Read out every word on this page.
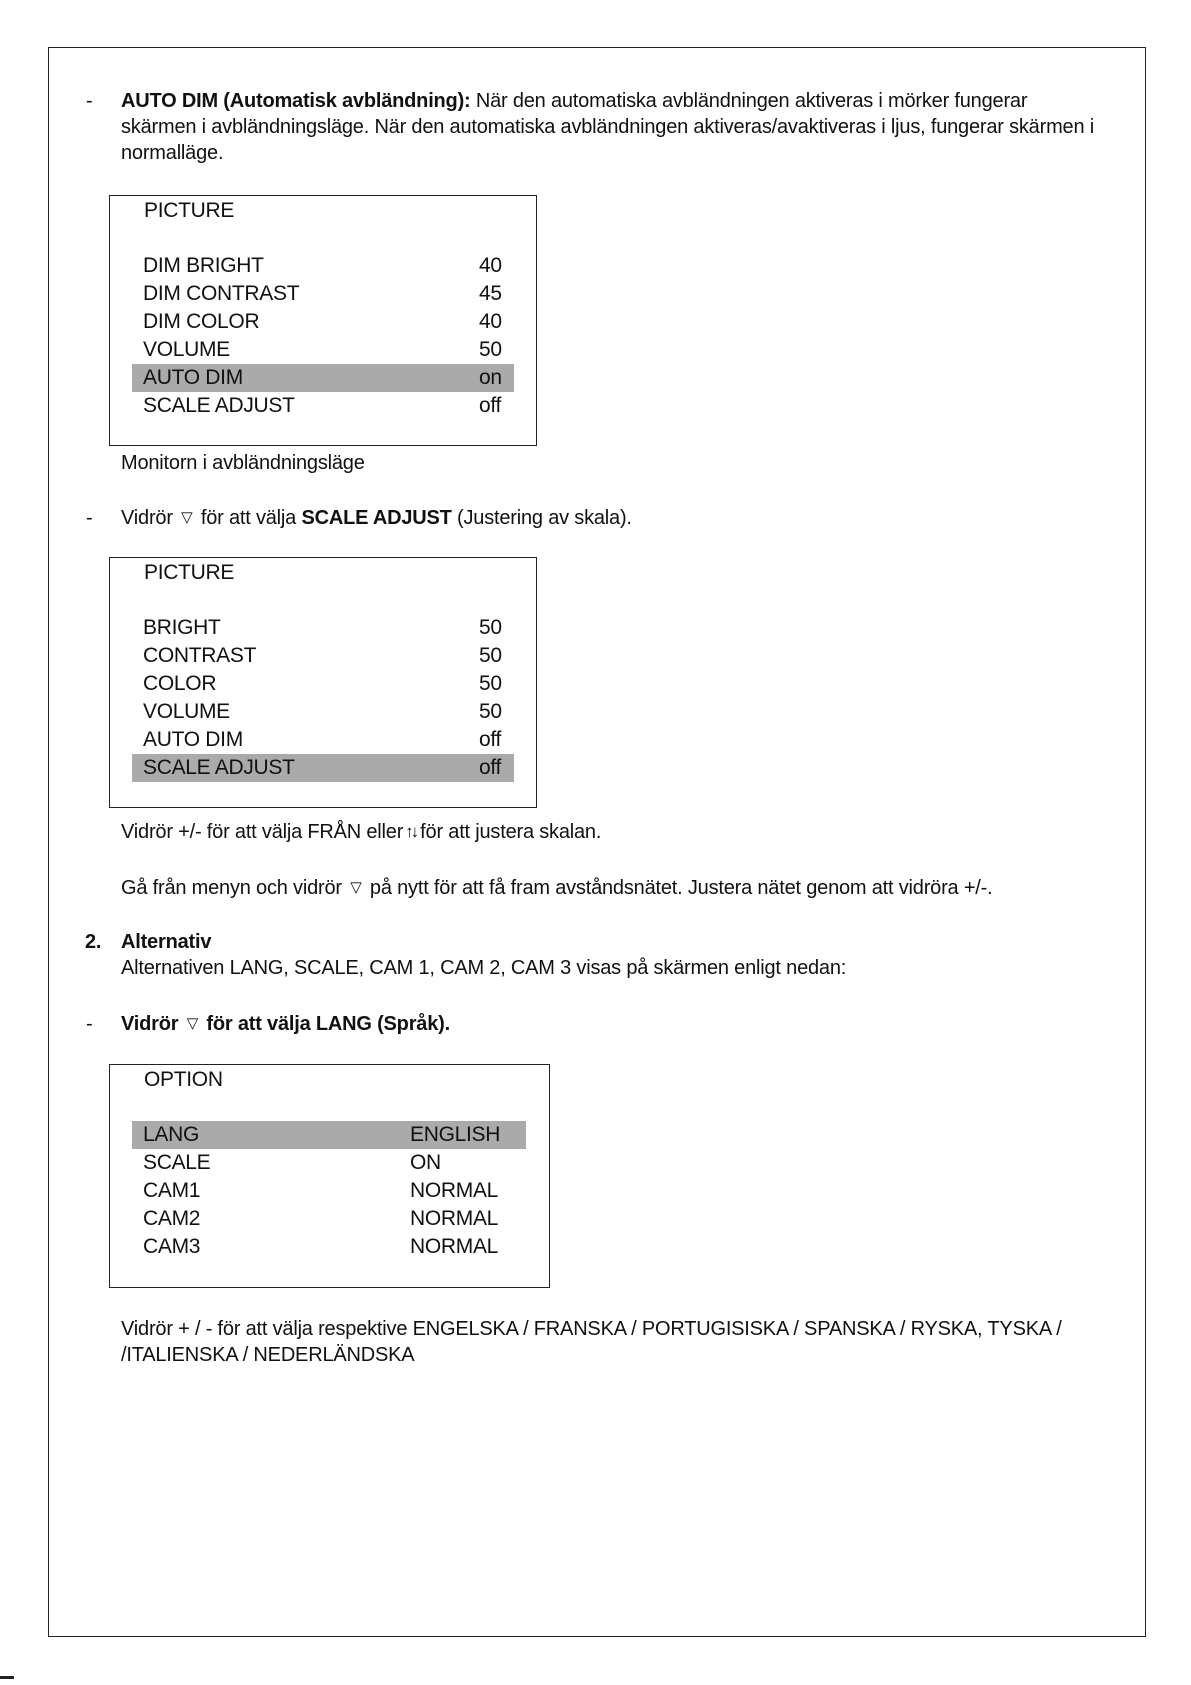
- AUTO DIM (Automatisk avbländning): När den automatiska avbländningen aktiveras i mörker fungerar
skärmen i avbländningsläge. När den automatiska avbländningen aktiveras/avaktiveras i ljus, fungerar skärmen i
normalläge.
PICTURE
DIM BRIGHT	40
DIM CONTRAST	45
DIM COLOR	40
VOLUME	50
AUTO DIM	on
SCALE ADJUST	off
Monitorn i avbländningsläge
- Vidrör ▽ för att välja SCALE ADJUST (Justering av skala).
PICTURE
BRIGHT	50
CONTRAST	50
COLOR	50
VOLUME	50
AUTO DIM	off
SCALE ADJUST	off
Vidrör +/- för att välja FRÅN eller ↑↓ för att justera skalan.
Gå från menyn och vidrör ▽ på nytt för att få fram avståndsnätet. Justera nätet genom att vidröra +/-.
2. Alternativ
Alternativen LANG, SCALE, CAM 1, CAM 2, CAM 3 visas på skärmen enligt nedan:
- Vidrör ▽ för att välja LANG (Språk).
OPTION
LANG	ENGLISH
SCALE	ON
CAM1	NORMAL
CAM2	NORMAL
CAM3	NORMAL
Vidrör + / - för att välja respektive ENGELSKA / FRANSKA / PORTUGISISKA / SPANSKA / RYSKA, TYSKA /
/ITALIENSKA / NEDERLÄNDSKA
